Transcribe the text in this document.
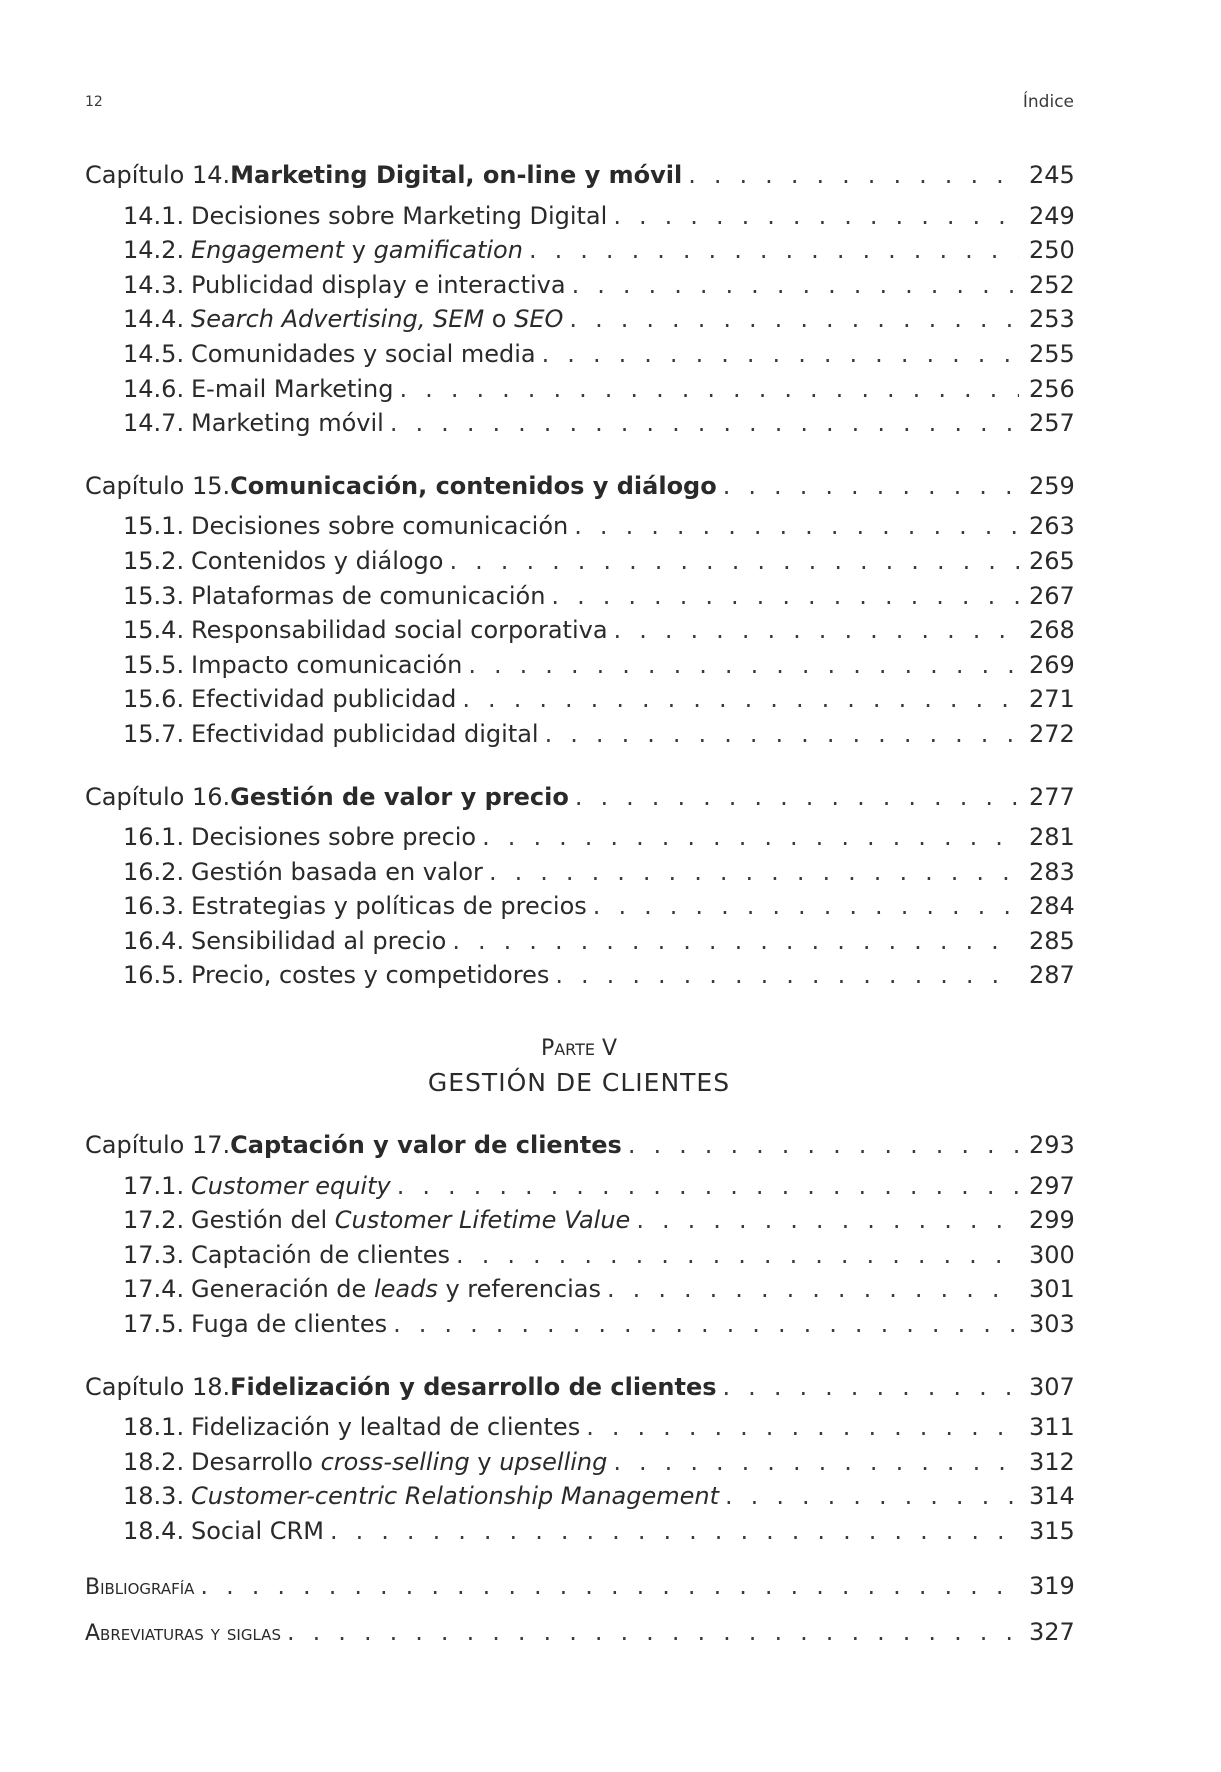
12	Índice
Capítulo 14. Marketing Digital, on-line y móvil . . .	245
14.1. Decisiones sobre Marketing Digital . . .	249
14.2. Engagement y gamification . . .	250
14.3. Publicidad display e interactiva . . .	252
14.4. Search Advertising, SEM o SEO . . .	253
14.5. Comunidades y social media . . .	255
14.6. E-mail Marketing . . .	256
14.7. Marketing móvil . . .	257
Capítulo 15. Comunicación, contenidos y diálogo . . .	259
15.1. Decisiones sobre comunicación . . .	263
15.2. Contenidos y diálogo . . .	265
15.3. Plataformas de comunicación . . .	267
15.4. Responsabilidad social corporativa . . .	268
15.5. Impacto comunicación . . .	269
15.6. Efectividad publicidad . . .	271
15.7. Efectividad publicidad digital . . .	272
Capítulo 16. Gestión de valor y precio . . .	277
16.1. Decisiones sobre precio . . .	281
16.2. Gestión basada en valor . . .	283
16.3. Estrategias y políticas de precios . . .	284
16.4. Sensibilidad al precio . . .	285
16.5. Precio, costes y competidores . . .	287
PARTE V
GESTIÓN DE CLIENTES
Capítulo 17. Captación y valor de clientes . . .	293
17.1. Customer equity . . .	297
17.2. Gestión del Customer Lifetime Value . . .	299
17.3. Captación de clientes . . .	300
17.4. Generación de leads y referencias . . .	301
17.5. Fuga de clientes . . .	303
Capítulo 18. Fidelización y desarrollo de clientes . . .	307
18.1. Fidelización y lealtad de clientes . . .	311
18.2. Desarrollo cross-selling y upselling . . .	312
18.3. Customer-centric Relationship Management . . .	314
18.4. Social CRM . . .	315
Bibliografía . . .	319
Abreviaturas y siglas . . .	327
